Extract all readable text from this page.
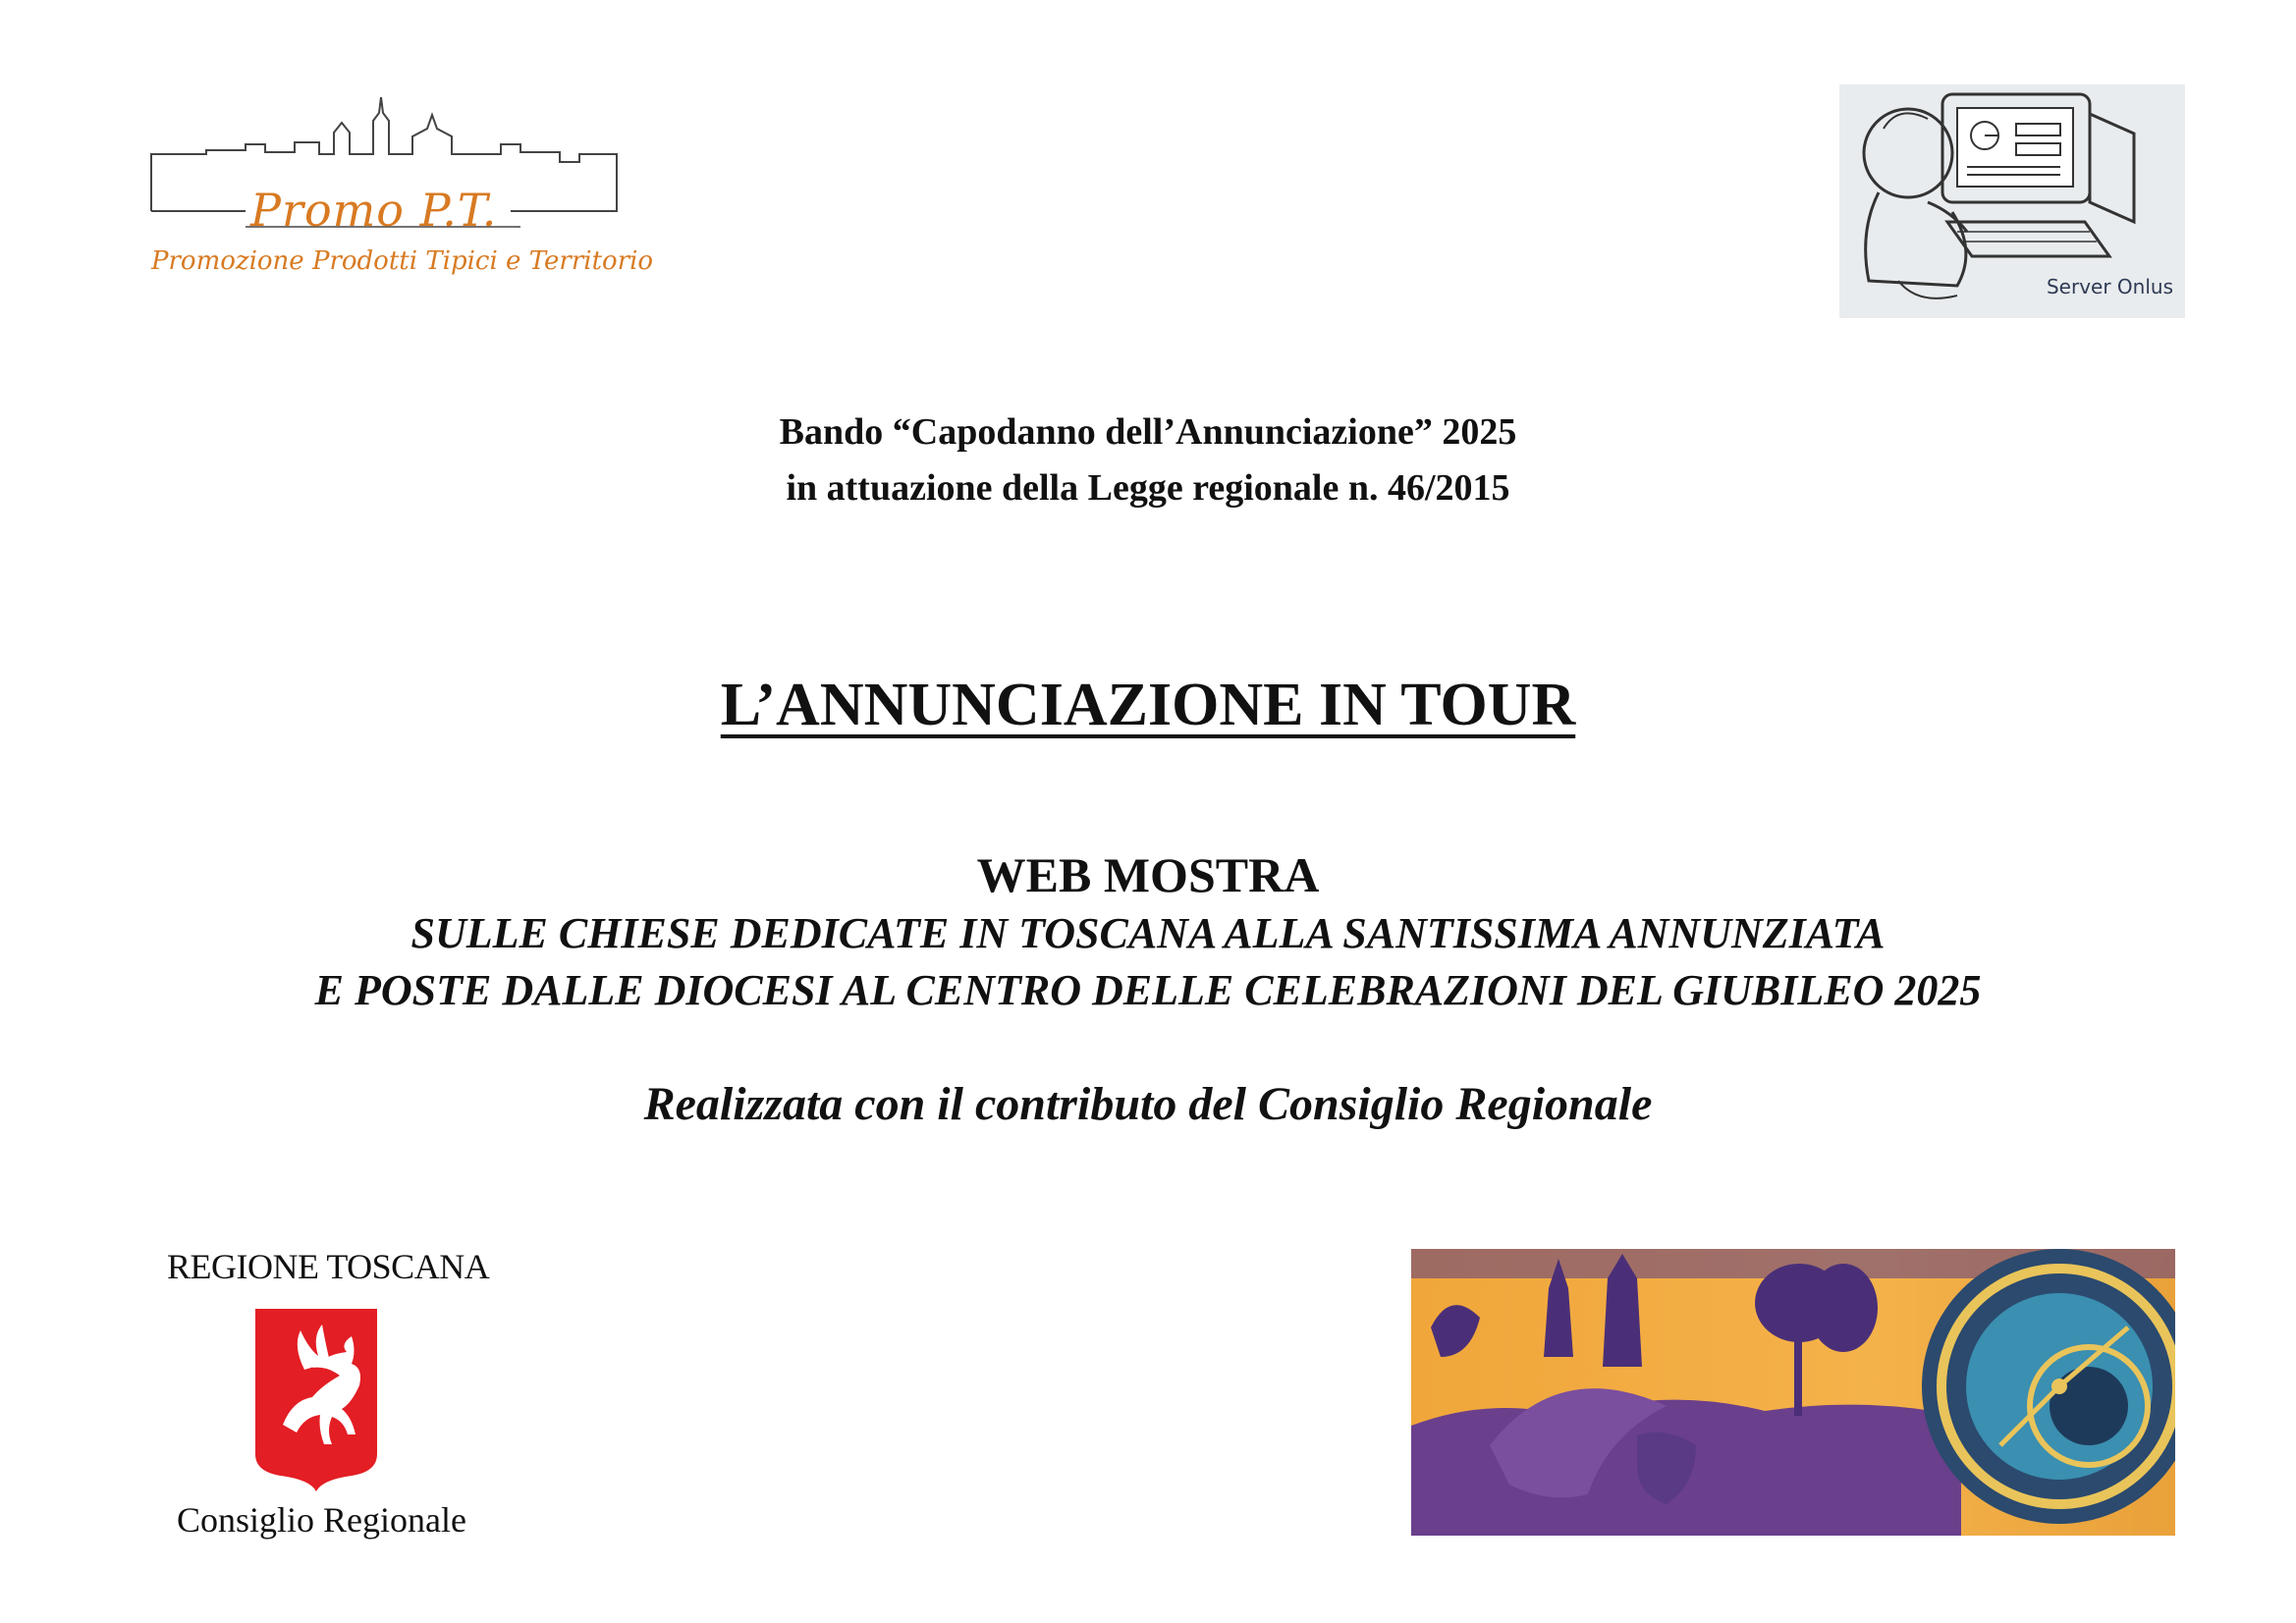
Promo P.T.
Promozione Prodotti Tipici e Territorio
Server Onlus
Bando “Capodanno dell’Annunciazione” 2025
in attuazione della Legge regionale n. 46/2015
L’ANNUNCIAZIONE IN TOUR
WEB MOSTRA
SULLE CHIESE DEDICATE IN TOSCANA ALLA SANTISSIMA ANNUNZIATA
E POSTE DALLE DIOCESI AL CENTRO DELLE CELEBRAZIONI DEL GIUBILEO 2025
Realizzata con il contributo del Consiglio Regionale
REGIONE TOSCANA
Consiglio Regionale
